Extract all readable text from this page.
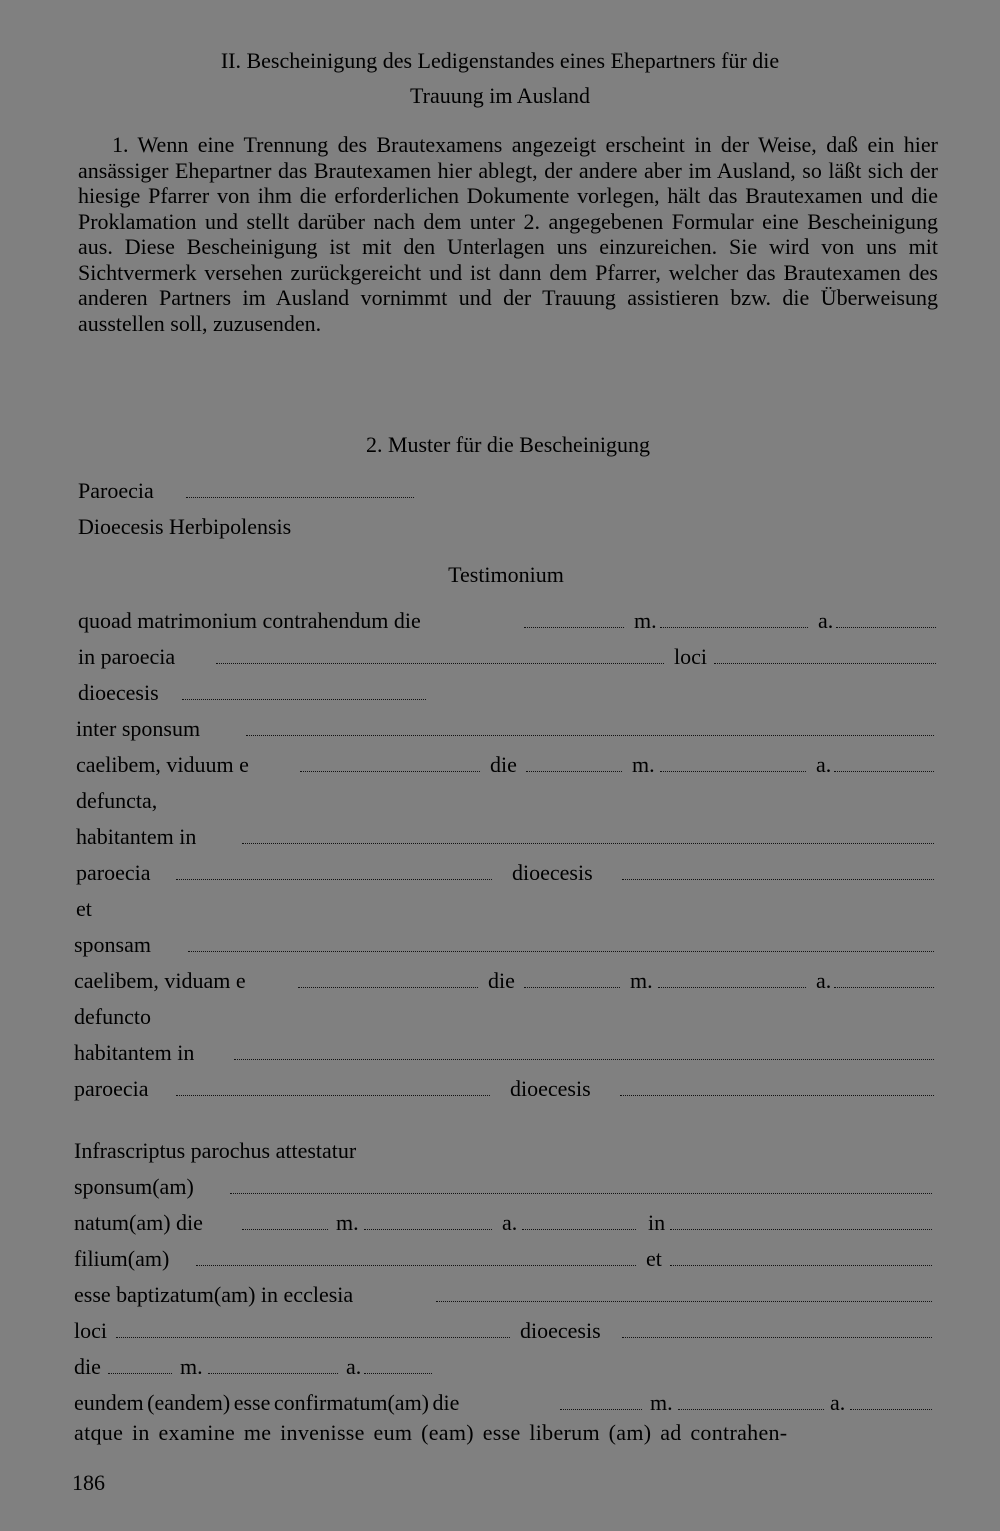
II. Bescheinigung des Ledigenstandes eines Ehepartners für die
Trauung im Ausland

1. Wenn eine Trennung des Brautexamens angezeigt erscheint in der Weise, daß ein hier ansässiger Ehepartner das Brautexamen hier ablegt, der andere aber im Ausland, so läßt sich der hiesige Pfarrer von ihm die erforderlichen Dokumente vorlegen, hält das Brautexamen und die Proklamation und stellt darüber nach dem unter 2. angegebenen Formular eine Bescheinigung aus. Diese Bescheinigung ist mit den Unterlagen uns einzureichen. Sie wird von uns mit Sichtvermerk versehen zurückgereicht und ist dann dem Pfarrer, welcher das Brautexamen des anderen Partners im Ausland vornimmt und der Trauung assistieren bzw. die Überweisung ausstellen soll, zuzusenden.

2. Muster für die Bescheinigung
Paroecia
Dioecesis Herbipolensis
Testimonium
quoad matrimonium contrahendum die	m.	a.
in paroecia	loci
dioecesis
inter sponsum
caelibem, viduum e	die	m.	a.
defuncta,
habitantem in
paroecia	dioecesis
et
sponsam
caelibem, viduam e	die	m.	a.
defuncto
habitantem in
paroecia	dioecesis
Infrascriptus parochus attestatur
sponsum(am)
natum(am) die	m.	a.	in
filium(am)	et
esse baptizatum(am) in ecclesia
loci	dioecesis
die	m.	a.
eundem (eandem) esse confirmatum(am) die	m.	a.
atque in examine me invenisse eum (eam) esse liberum (am) ad contrahen-
186
